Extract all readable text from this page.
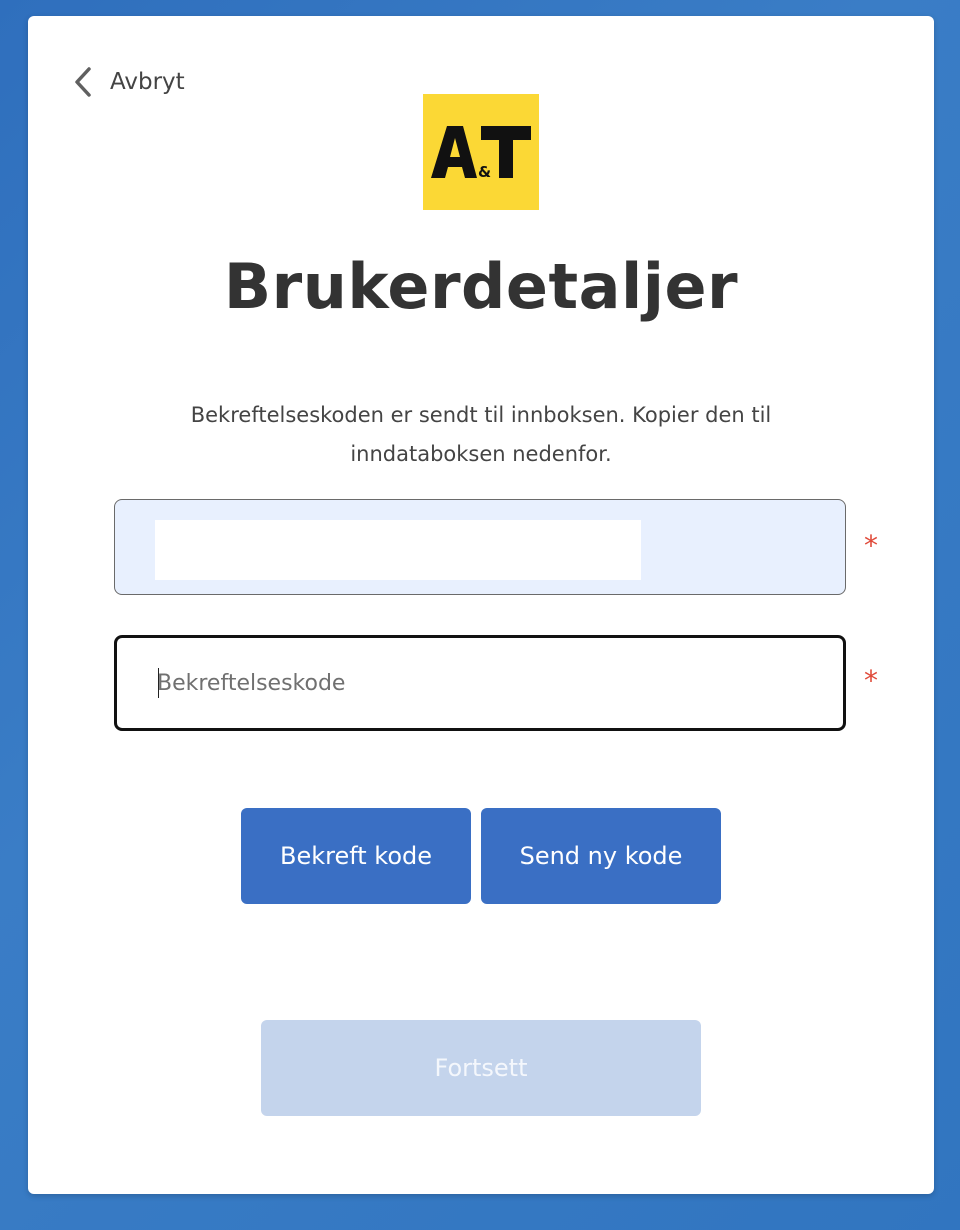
Avbryt
&
Brukerdetaljer
Bekreftelseskoden er sendt til innboksen. Kopier den til
inndataboksen nedenfor.
*
Bekreftelseskode
*
Bekreft kode	Send ny kode
Fortsett
